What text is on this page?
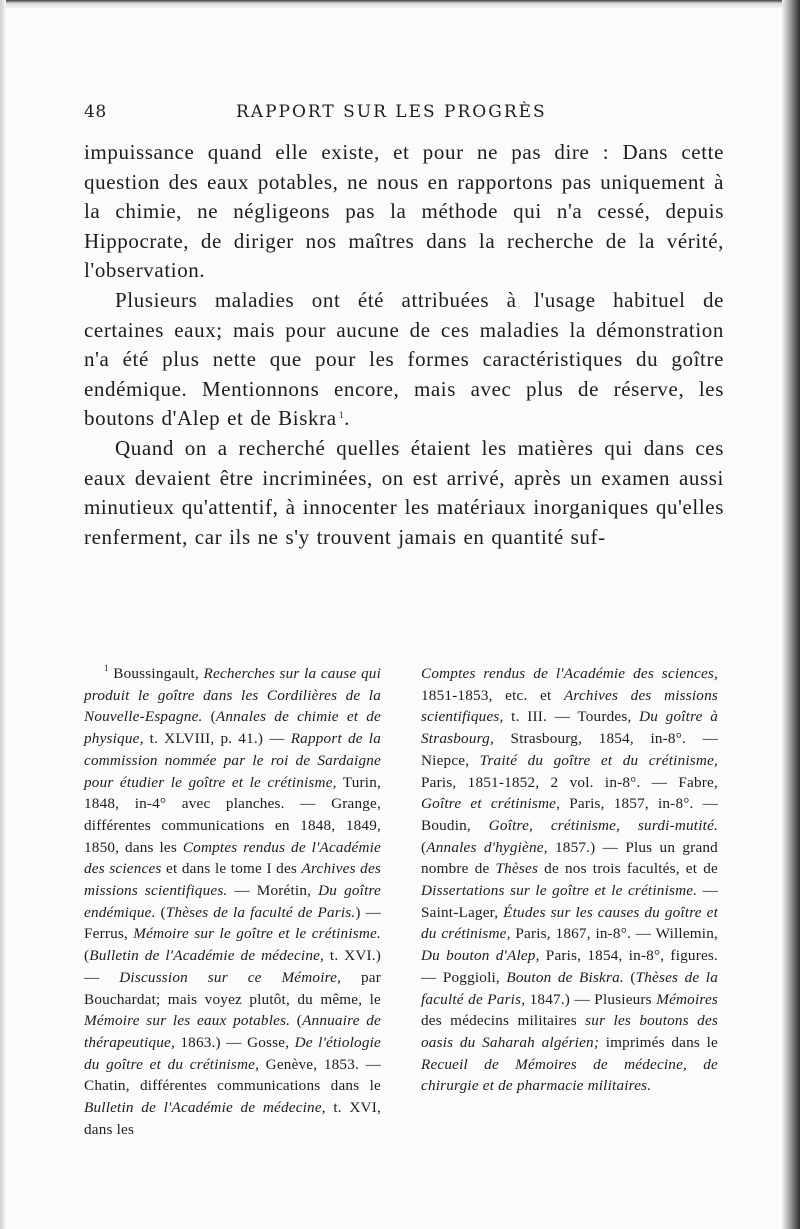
48	RAPPORT SUR LES PROGRÈS

impuissance quand elle existe, et pour ne pas dire : Dans cette question des eaux potables, ne nous en rapportons pas uniquement à la chimie, ne négligeons pas la méthode qui n'a cessé, depuis Hippocrate, de diriger nos maîtres dans la recherche de la vérité, l'observation.

Plusieurs maladies ont été attribuées à l'usage habituel de certaines eaux; mais pour aucune de ces maladies la démonstration n'a été plus nette que pour les formes caractéristiques du goître endémique. Mentionnons encore, mais avec plus de réserve, les boutons d'Alep et de Biskra  $^1$.

Quand on a recherché quelles étaient les matières qui dans ces eaux devaient être incriminées, on est arrivé, après un examen aussi minutieux qu'attentif, à innocenter les matériaux inorganiques qu'elles renferment, car ils ne s'y trouvent jamais en quantité suf-

$^1$ Boussingault, Recherches sur la cause qui produit le goître dans les Cordilières de la Nouvelle-Espagne. (Annales de chimie et de physique, t. XLVIII, p. 41.) — Rapport de la commission nommée par le roi de Sardaigne pour étudier le goître et le crétinisme, Turin, 1848, in-4° avec planches. — Grange, différentes communications en 1848, 1849, 1850, dans les Comptes rendus de l'Académie des sciences et dans le tome I des Archives des missions scientifiques. — Morétin, Du goître endémique. (Thèses de la faculté de Paris.) — Ferrus, Mémoire sur le goître et le crétinisme. (Bulletin de l'Académie de médecine, t. XVI.) — Discussion sur ce Mémoire, par Bouchardat; mais voyez plutôt, du même, le Mémoire sur les eaux potables. (Annuaire de thérapeutique, 1863.) — Gosse, De l'étiologie du goître et du crétinisme, Genève, 1853. — Chatin, différentes communications dans le Bulletin de l'Académie de médecine, t. XVI, dans les
Comptes rendus de l'Académie des sciences, 1851-1853, etc. et Archives des missions scientifiques, t. III. — Tourdes, Du goître à Strasbourg, Strasbourg, 1854, in-8°. — Niepce, Traité du goître et du crétinisme, Paris, 1851-1852, 2 vol. in-8°. — Fabre, Goître et crétinisme, Paris, 1857, in-8°. — Boudin, Goître, crétinisme, surdi-mutité. (Annales d'hygiène, 1857.) — Plus un grand nombre de Thèses de nos trois facultés, et de Dissertations sur le goître et le crétinisme. — Saint-Lager, Études sur les causes du goître et du crétinisme, Paris, 1867, in-8°. — Willemin, Du bouton d'Alep, Paris, 1854, in-8°, figures. — Poggioli, Bouton de Biskra. (Thèses de la faculté de Paris, 1847.) — Plusieurs Mémoires des médecins militaires sur les boutons des oasis du Saharah algérien; imprimés dans le Recueil de Mémoires de médecine, de chirurgie et de pharmacie militaires.
